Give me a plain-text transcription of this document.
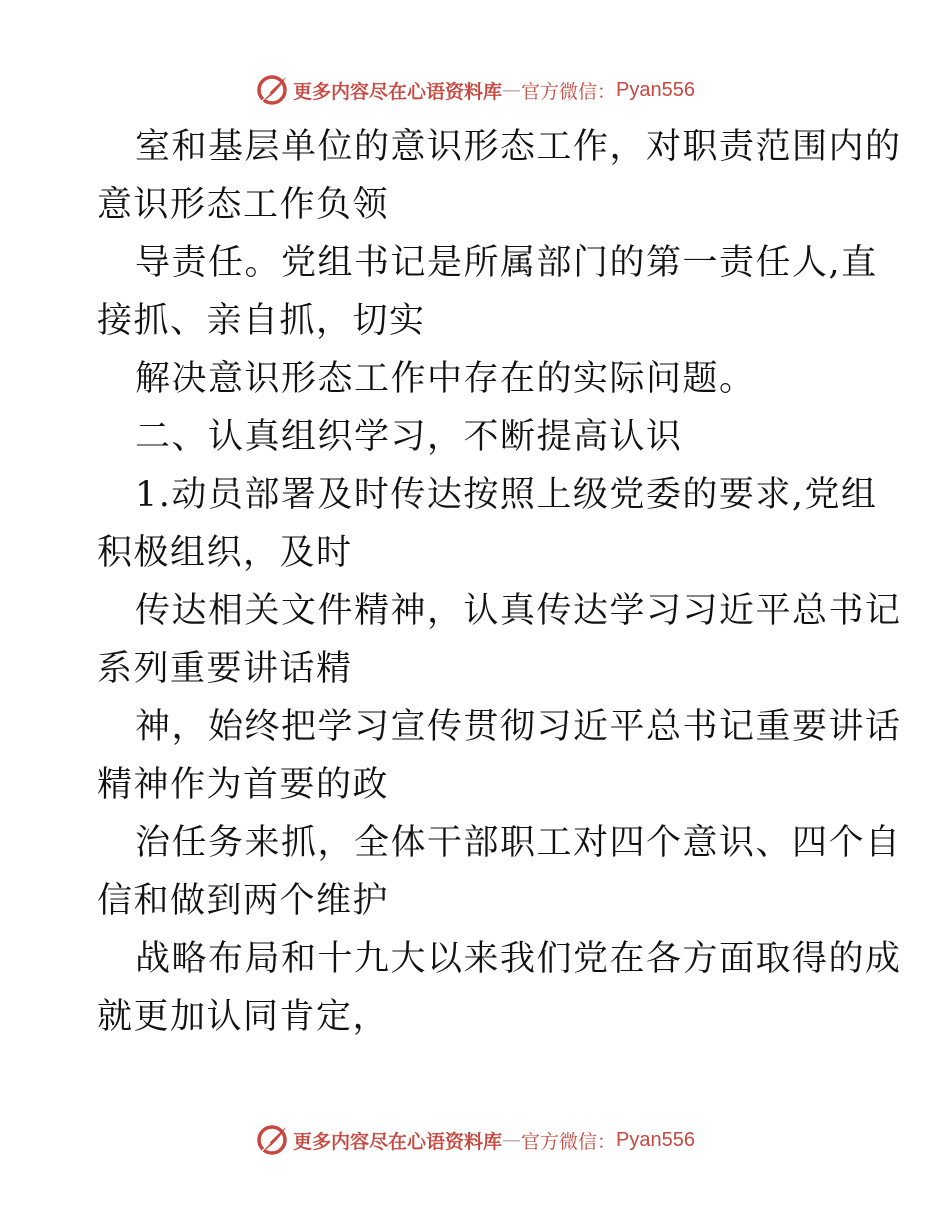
更多内容尽在心语资料库 — 官方微信： Pyan556
室和基层单位的意识形态工作，对职责范围内的
意识形态工作负领
导责任。党组书记是所属部门的第一责任人,直
接抓、亲自抓，切实
解决意识形态工作中存在的实际问题。
二、认真组织学习，不断提高认识
1.动员部署及时传达按照上级党委的要求,党组
积极组织，及时
传达相关文件精神，认真传达学习习近平总书记
系列重要讲话精
神，始终把学习宣传贯彻习近平总书记重要讲话
精神作为首要的政
治任务来抓，全体干部职工对四个意识、四个自
信和做到两个维护
战略布局和十九大以来我们党在各方面取得的成
就更加认同肯定，
更多内容尽在心语资料库 — 官方微信： Pyan556
